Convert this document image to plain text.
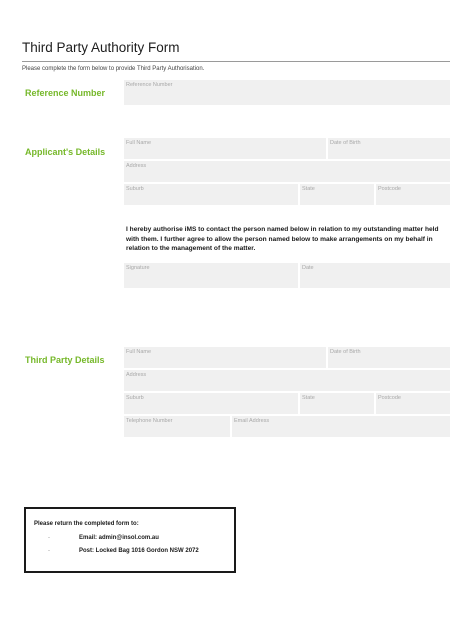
Third Party Authority Form
Please complete the form below to provide Third Party Authorisation.
Reference Number
Reference Number
Applicant's Details
Full Name	Date of Birth
Address
Suburb	State	Postcode
I hereby authorise iMS to contact the person named below in relation to my outstanding matter held with them. I further agree to allow the person named below to make arrangements on my behalf in relation to the management of the matter.
Signature	Date
Third Party Details
Full Name	Date of Birth
Address
Suburb	State	Postcode
Telephone Number	Email Address
Please return the completed form to:
·	Email: admin@insol.com.au
·	Post: Locked Bag 1016 Gordon NSW 2072
